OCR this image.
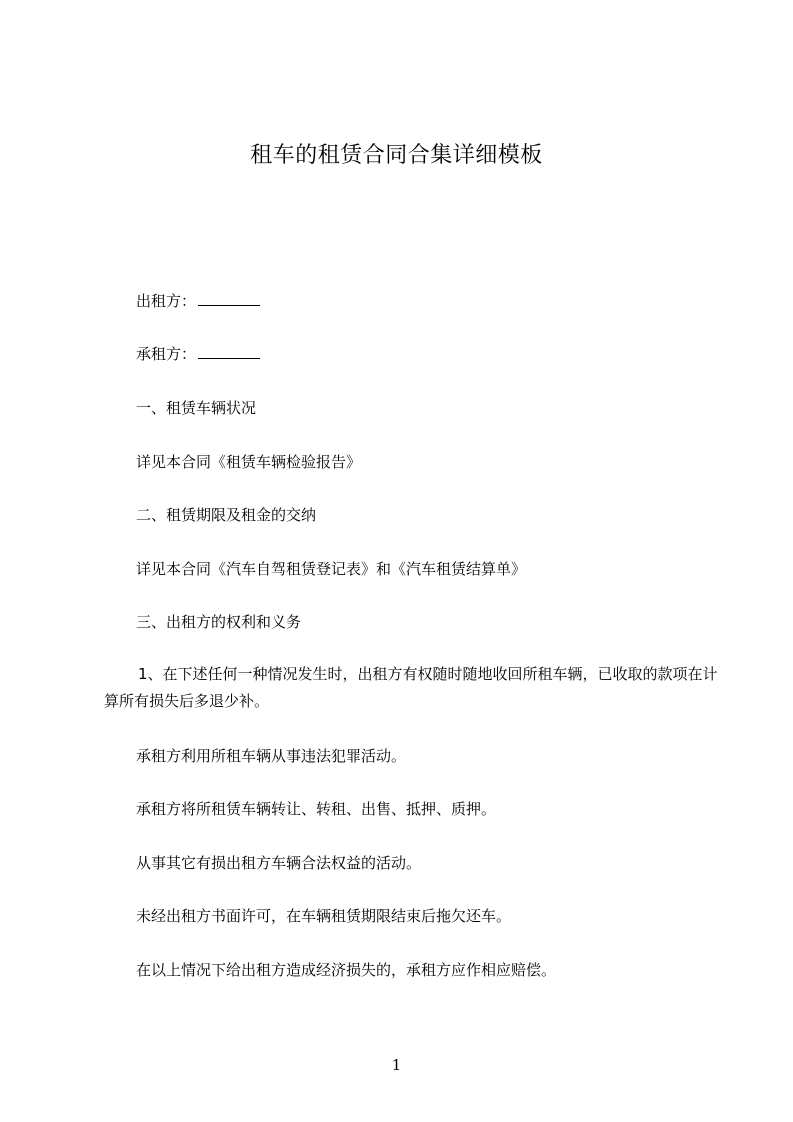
租车的租赁合同合集详细模板
出租方：
承租方：
一、租赁车辆状况
详见本合同《租赁车辆检验报告》
二、租赁期限及租金的交纳
详见本合同《汽车自驾租赁登记表》和《汽车租赁结算单》
三、出租方的权利和义务
1、在下述任何一种情况发生时，出租方有权随时随地收回所租车辆，已收取的款项在计算所有损失后多退少补。
承租方利用所租车辆从事违法犯罪活动。
承租方将所租赁车辆转让、转租、出售、抵押、质押。
从事其它有损出租方车辆合法权益的活动。
未经出租方书面许可，在车辆租赁期限结束后拖欠还车。
在以上情况下给出租方造成经济损失的，承租方应作相应赔偿。
1
